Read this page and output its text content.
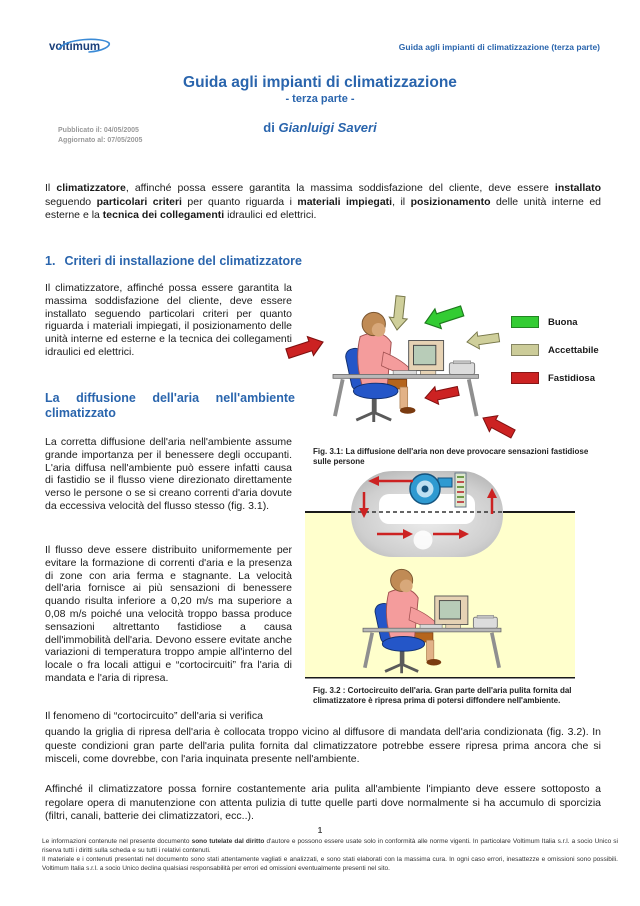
voltimum	Guida agli impianti di climatizzazione (terza parte)
Guida agli impianti di climatizzazione
- terza parte -
di Gianluigi Saveri
Pubblicato il: 04/05/2005
Aggiornato al: 07/05/2005
Il climatizzatore, affinché possa essere garantita la massima soddisfazione del cliente, deve essere installato seguendo particolari criteri per quanto riguarda i materiali impiegati, il posizionamento delle unità interne ed esterne e la tecnica dei collegamenti idraulici ed elettrici.
1. Criteri di installazione del climatizzatore
Il climatizzatore, affinché possa essere garantita la massima soddisfazione del cliente, deve essere installato seguendo particolari criteri per quanto riguarda i materiali impiegati, il posizionamento delle unità interne ed esterne e la tecnica dei collegamenti idraulici ed elettrici.
Buona
Accettabile
Fastidiosa
Fig. 3.1: La diffusione dell'aria non deve provocare sensazioni fastidiose sulle persone
La diffusione dell'aria nell'ambiente climatizzato
La corretta diffusione dell'aria nell'ambiente assume grande importanza per il benessere degli occupanti. L'aria diffusa nell'ambiente può essere infatti causa di fastidio se il flusso viene direzionato direttamente verso le persone o se si creano correnti d'aria dovute da eccessiva velocità del flusso stesso (fig. 3.1).
Il flusso deve essere distribuito uniformemente per evitare la formazione di correnti d'aria e la presenza di zone con aria ferma e stagnante. La velocità dell'aria fornisce ai più sensazioni di benessere quando risulta inferiore a 0,20 m/s ma superiore a 0,08 m/s poiché una velocità troppo bassa produce sensazioni altrettanto fastidiose a causa dell'immobilità dell'aria. Devono essere evitate anche variazioni di temperatura troppo ampie all'interno del locale o fra locali attigui e “cortocircuiti” fra l'aria di mandata e l'aria di ripresa.
Fig. 3.2 : Cortocircuito dell'aria. Gran parte dell'aria pulita fornita dal climatizzatore è ripresa prima di potersi diffondere nell'ambiente.
Il fenomeno di “cortocircuito” dell'aria si verifica
quando la griglia di ripresa dell'aria è collocata troppo vicino al diffusore di mandata dell'aria condizionata (fig. 3.2). In queste condizioni gran parte dell'aria pulita fornita dal climatizzatore potrebbe essere ripresa prima ancora che si misceli, come dovrebbe, con l'aria inquinata presente nell'ambiente.
Affinché il climatizzatore possa fornire costantemente aria pulita all'ambiente l'impianto deve essere sottoposto a regolare opera di manutenzione con attenta pulizia di tutte quelle parti dove normalmente si ha accumulo di sporcizia (filtri, canali, batterie dei climatizzatori, ecc..).
1
Le informazioni contenute nel presente documento sono tutelate dal diritto d'autore e possono essere usate solo in conformità alle norme vigenti. In particolare Voltimum Italia s.r.l. a socio Unico si riserva tutti i diritti sulla scheda e su tutti i relativi contenuti.
Il materiale e i contenuti presentati nel documento sono stati attentamente vagliati e analizzati, e sono stati elaborati con la massima cura. In ogni caso errori, inesattezze e omissioni sono possibili. Voltimum Italia s.r.l. a socio Unico declina qualsiasi responsabilità per errori ed omissioni eventualmente presenti nel sito.
